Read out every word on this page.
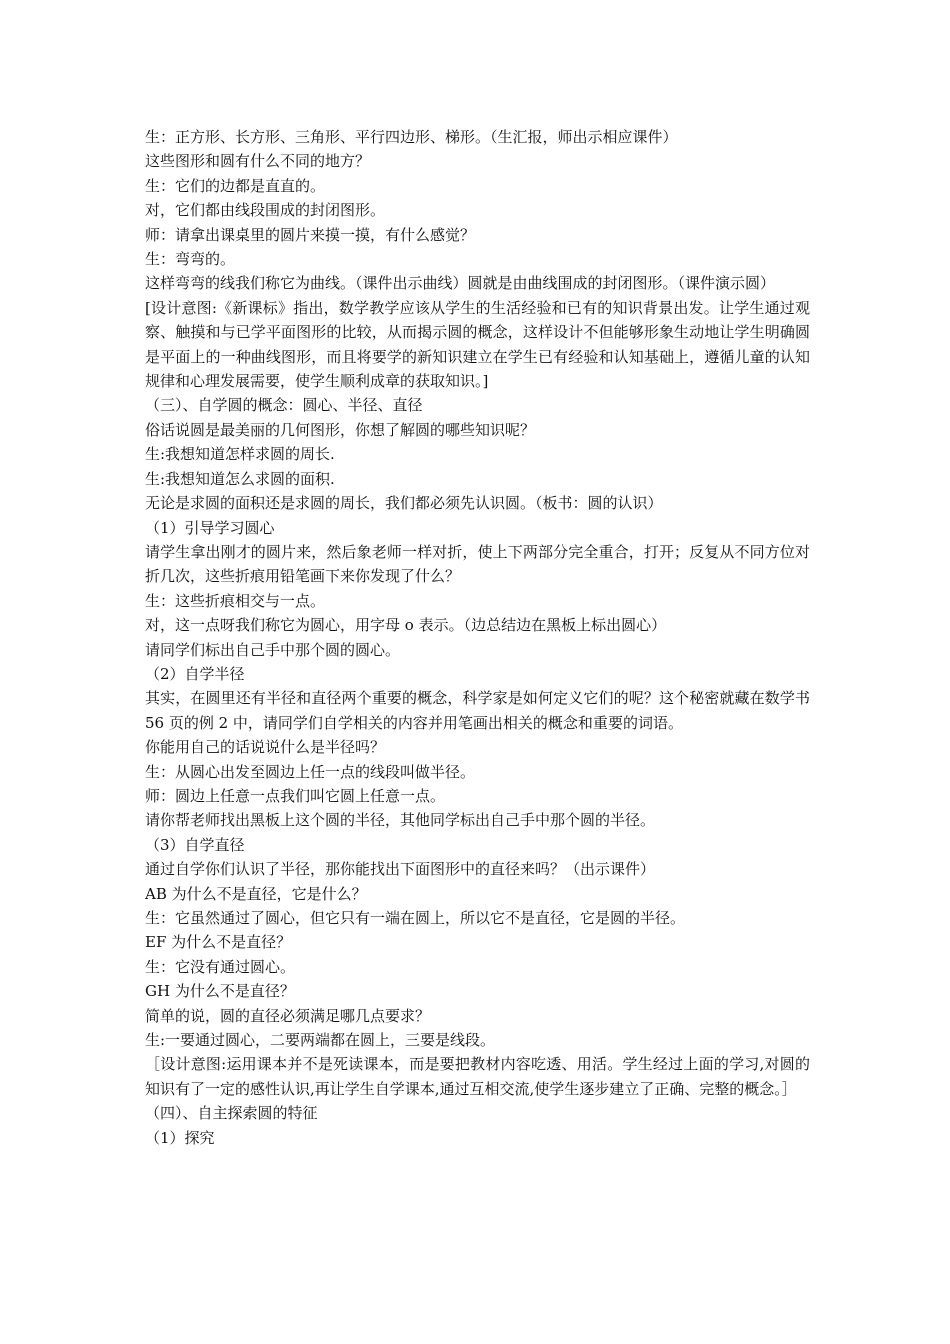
生：正方形、长方形、三角形、平行四边形、梯形。（生汇报，师出示相应课件）
这些图形和圆有什么不同的地方？
生：它们的边都是直直的。
对，它们都由线段围成的封闭图形。
师：请拿出课桌里的圆片来摸一摸，有什么感觉？
生：弯弯的。
这样弯弯的线我们称它为曲线。（课件出示曲线）圆就是由曲线围成的封闭图形。（课件演示圆）
[设计意图:《新课标》指出，数学教学应该从学生的生活经验和已有的知识背景出发。让学生通过观察、触摸和与已学平面图形的比较，从而揭示圆的概念，这样设计不但能够形象生动地让学生明确圆是平面上的一种曲线图形，而且将要学的新知识建立在学生已有经验和认知基础上，遵循儿童的认知规律和心理发展需要，使学生顺利成章的获取知识。]
（三）、自学圆的概念：圆心、半径、直径
俗话说圆是最美丽的几何图形，你想了解圆的哪些知识呢？
生:我想知道怎样求圆的周长.
生:我想知道怎么求圆的面积.
无论是求圆的面积还是求圆的周长，我们都必须先认识圆。（板书：圆的认识）
（1）引导学习圆心
请学生拿出刚才的圆片来，然后象老师一样对折，使上下两部分完全重合，打开；反复从不同方位对折几次，这些折痕用铅笔画下来你发现了什么？
生：这些折痕相交与一点。
对，这一点呀我们称它为圆心，用字母 o 表示。（边总结边在黑板上标出圆心）
请同学们标出自己手中那个圆的圆心。
（2）自学半径
其实，在圆里还有半径和直径两个重要的概念，科学家是如何定义它们的呢？这个秘密就藏在数学书 56 页的例 2 中，请同学们自学相关的内容并用笔画出相关的概念和重要的词语。
你能用自己的话说说什么是半径吗？
生：从圆心出发至圆边上任一点的线段叫做半径。
师：圆边上任意一点我们叫它圆上任意一点。
请你帮老师找出黑板上这个圆的半径，其他同学标出自己手中那个圆的半径。
（3）自学直径
通过自学你们认识了半径，那你能找出下面图形中的直径来吗？（出示课件）
AB 为什么不是直径，它是什么？
生：它虽然通过了圆心，但它只有一端在圆上，所以它不是直径，它是圆的半径。
EF 为什么不是直径？
生：它没有通过圆心。
GH 为什么不是直径？
简单的说，圆的直径必须满足哪几点要求？
生:一要通过圆心，二要两端都在圆上，三要是线段。
［设计意图:运用课本并不是死读课本，而是要把教材内容吃透、用活。学生经过上面的学习,对圆的知识有了一定的感性认识,再让学生自学课本,通过互相交流,使学生逐步建立了正确、完整的概念。］
（四）、自主探索圆的特征
（1）探究
